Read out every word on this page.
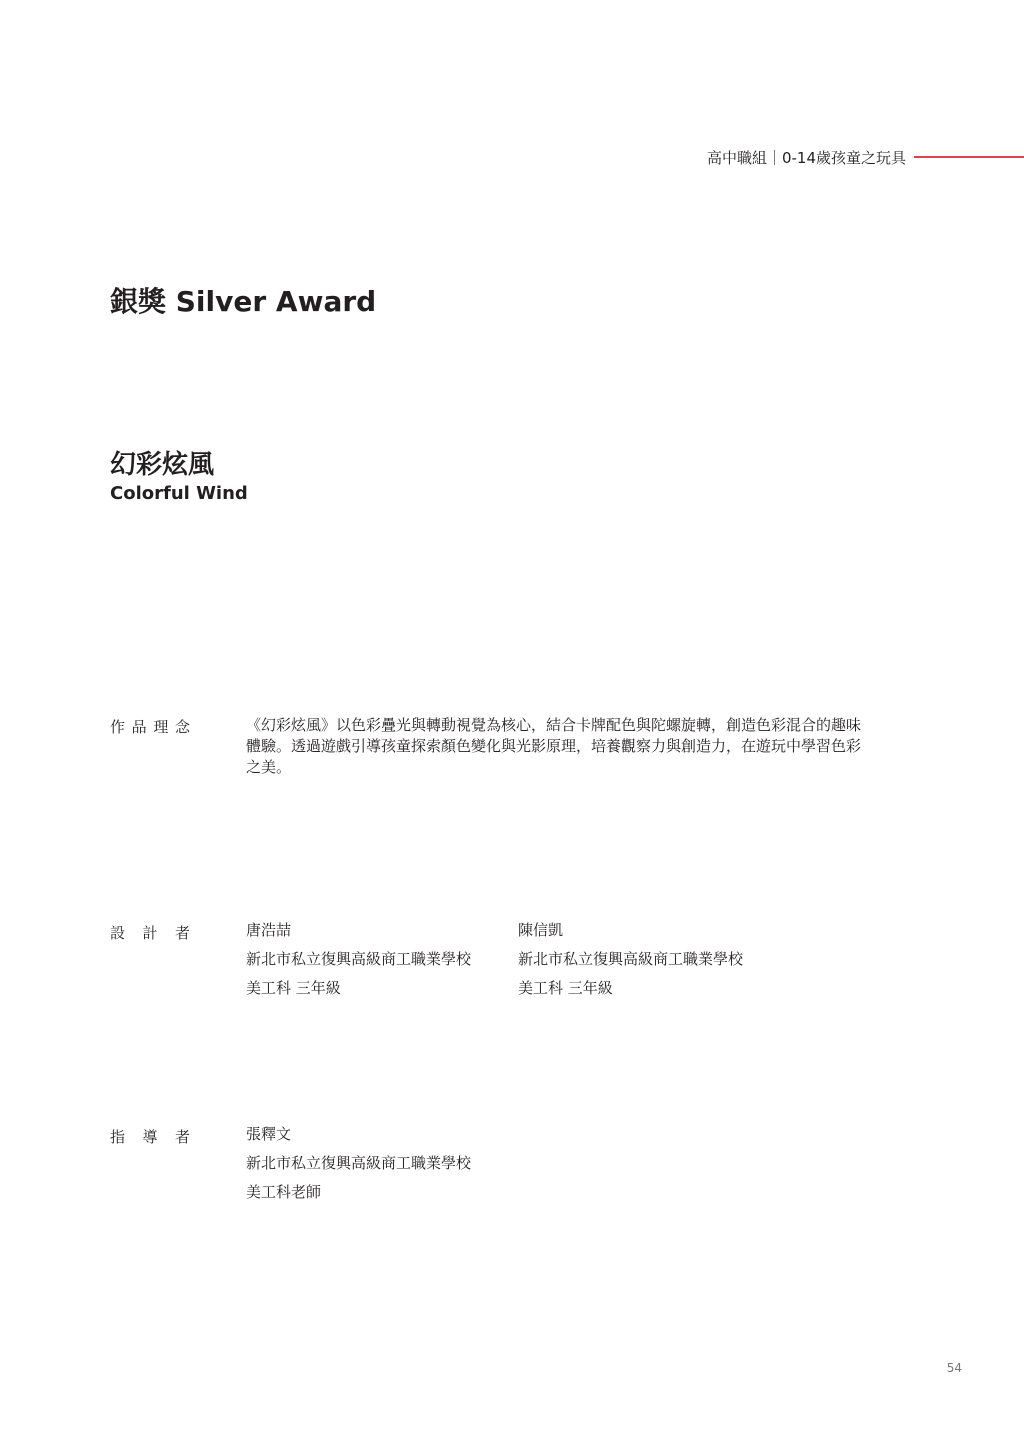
高中職組｜0-14歲孩童之玩具
銀獎 Silver Award
幻彩炫風
Colorful Wind
作 品 理 念	《幻彩炫風》以色彩疊光與轉動視覺為核心，結合卡牌配色與陀螺旋轉，創造色彩混合的趣味體驗。透過遊戲引導孩童探索顏色變化與光影原理，培養觀察力與創造力，在遊玩中學習色彩之美。

設 計 者	唐浩喆
新北市私立復興高級商工職業學校
美工科 三年級
陳信凱
新北市私立復興高級商工職業學校
美工科 三年級
指 導 者	張釋文
新北市私立復興高級商工職業學校
美工科老師
54
